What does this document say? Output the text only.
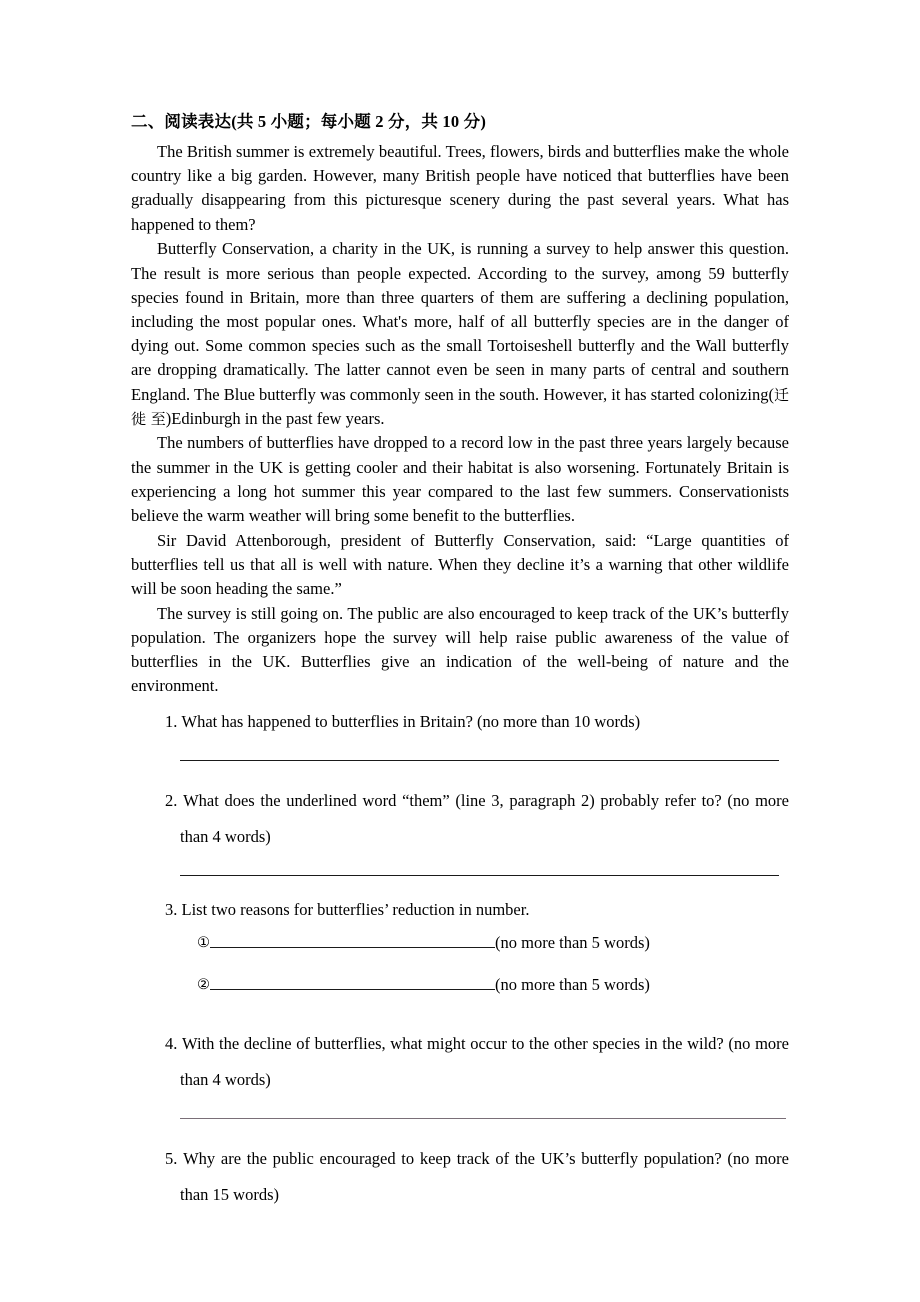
二、阅读表达(共 5 小题；每小题 2 分，共 10 分)

The British summer is extremely beautiful. Trees, flowers, birds and butterflies make the whole country like a big garden. However, many British people have noticed that butterflies have been gradually disappearing from this picturesque scenery during the past several years. What has happened to them?

Butterfly Conservation, a charity in the UK, is running a survey to help answer this question. The result is more serious than people expected. According to the survey, among 59 butterfly species found in Britain, more than three quarters of them are suffering a declining population, including the most popular ones. What's more, half of all butterfly species are in the danger of dying out. Some common species such as the small Tortoiseshell butterfly and the Wall butterfly are dropping dramatically. The latter cannot even be seen in many parts of central and southern England. The Blue butterfly was commonly seen in the south. However, it has started colonizing(迁 徙 至)Edinburgh in the past few years.

The numbers of butterflies have dropped to a record low in the past three years largely because the summer in the UK is getting cooler and their habitat is also worsening. Fortunately Britain is experiencing a long hot summer this year compared to the last few summers. Conservationists believe the warm weather will bring some benefit to the butterflies.

Sir David Attenborough, president of Butterfly Conservation, said: “Large quantities of butterflies tell us that all is well with nature. When they decline it’s a warning that other wildlife will be soon heading the same.”

The survey is still going on. The public are also encouraged to keep track of the UK’s butterfly population. The organizers hope the survey will help raise public awareness of the value of butterflies in the UK. Butterflies give an indication of the well-being of nature and the environment.

1. What has happened to butterflies in Britain? (no more than 10 words)

2. What does the underlined word “them” (line 3, paragraph 2) probably refer to? (no more than 4 words)

3. List two reasons for butterflies’ reduction in number.

①	(no more than 5 words)

②	(no more than 5 words)

4. With the decline of butterflies, what might occur to the other species in the wild? (no more than 4 words)

5. Why are the public encouraged to keep track of the UK’s butterfly population? (no more than 15 words)
